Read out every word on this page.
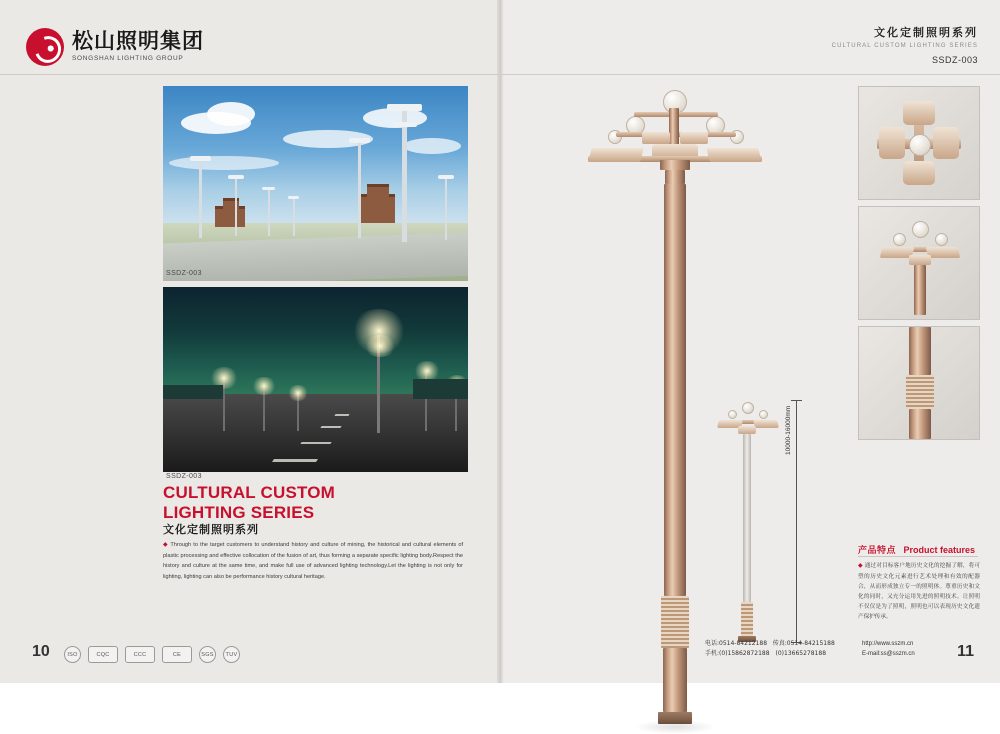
松山照明集团
SONGSHAN LIGHTING GROUP
文化定制照明系列
CULTURAL CUSTOM LIGHTING SERIES
SSDZ-003
SSDZ-003
SSDZ-003
CULTURAL CUSTOM
LIGHTING SERIES
文化定制照明系列
◆ Through to the target customers to understand history and culture of mining, the historical and cultural elements of plastic processing and effective collocation of the fusion of art, thus forming a separate specific lighting body.Respect the history and culture at the same time, and make full use of advanced lighting technology.Let the lighting is not only for lighting, lighting can also be performance history cultural heritage.
10	ISO	CQC	CCC	CE	SGS	TUV
10000-16000mm
产品特点 Product features
◆ 通过对目标客户地历史文化的挖掘了解，将可塑的历史文化元素进行艺术处理和有效的配器合，从而形成独立专一的照明体。尊重历史和文化的同时，又充分运用先进的照明技术。让照明不仅仅是为了照明，照明也可以表现历史文化遗产保护传承。
电话:0514-84212188 传真:0514-84215188
手机:(0)15862872188　(0)13665278188
http://www.sszm.cn
E-mail:ss@sszm.cn	11
